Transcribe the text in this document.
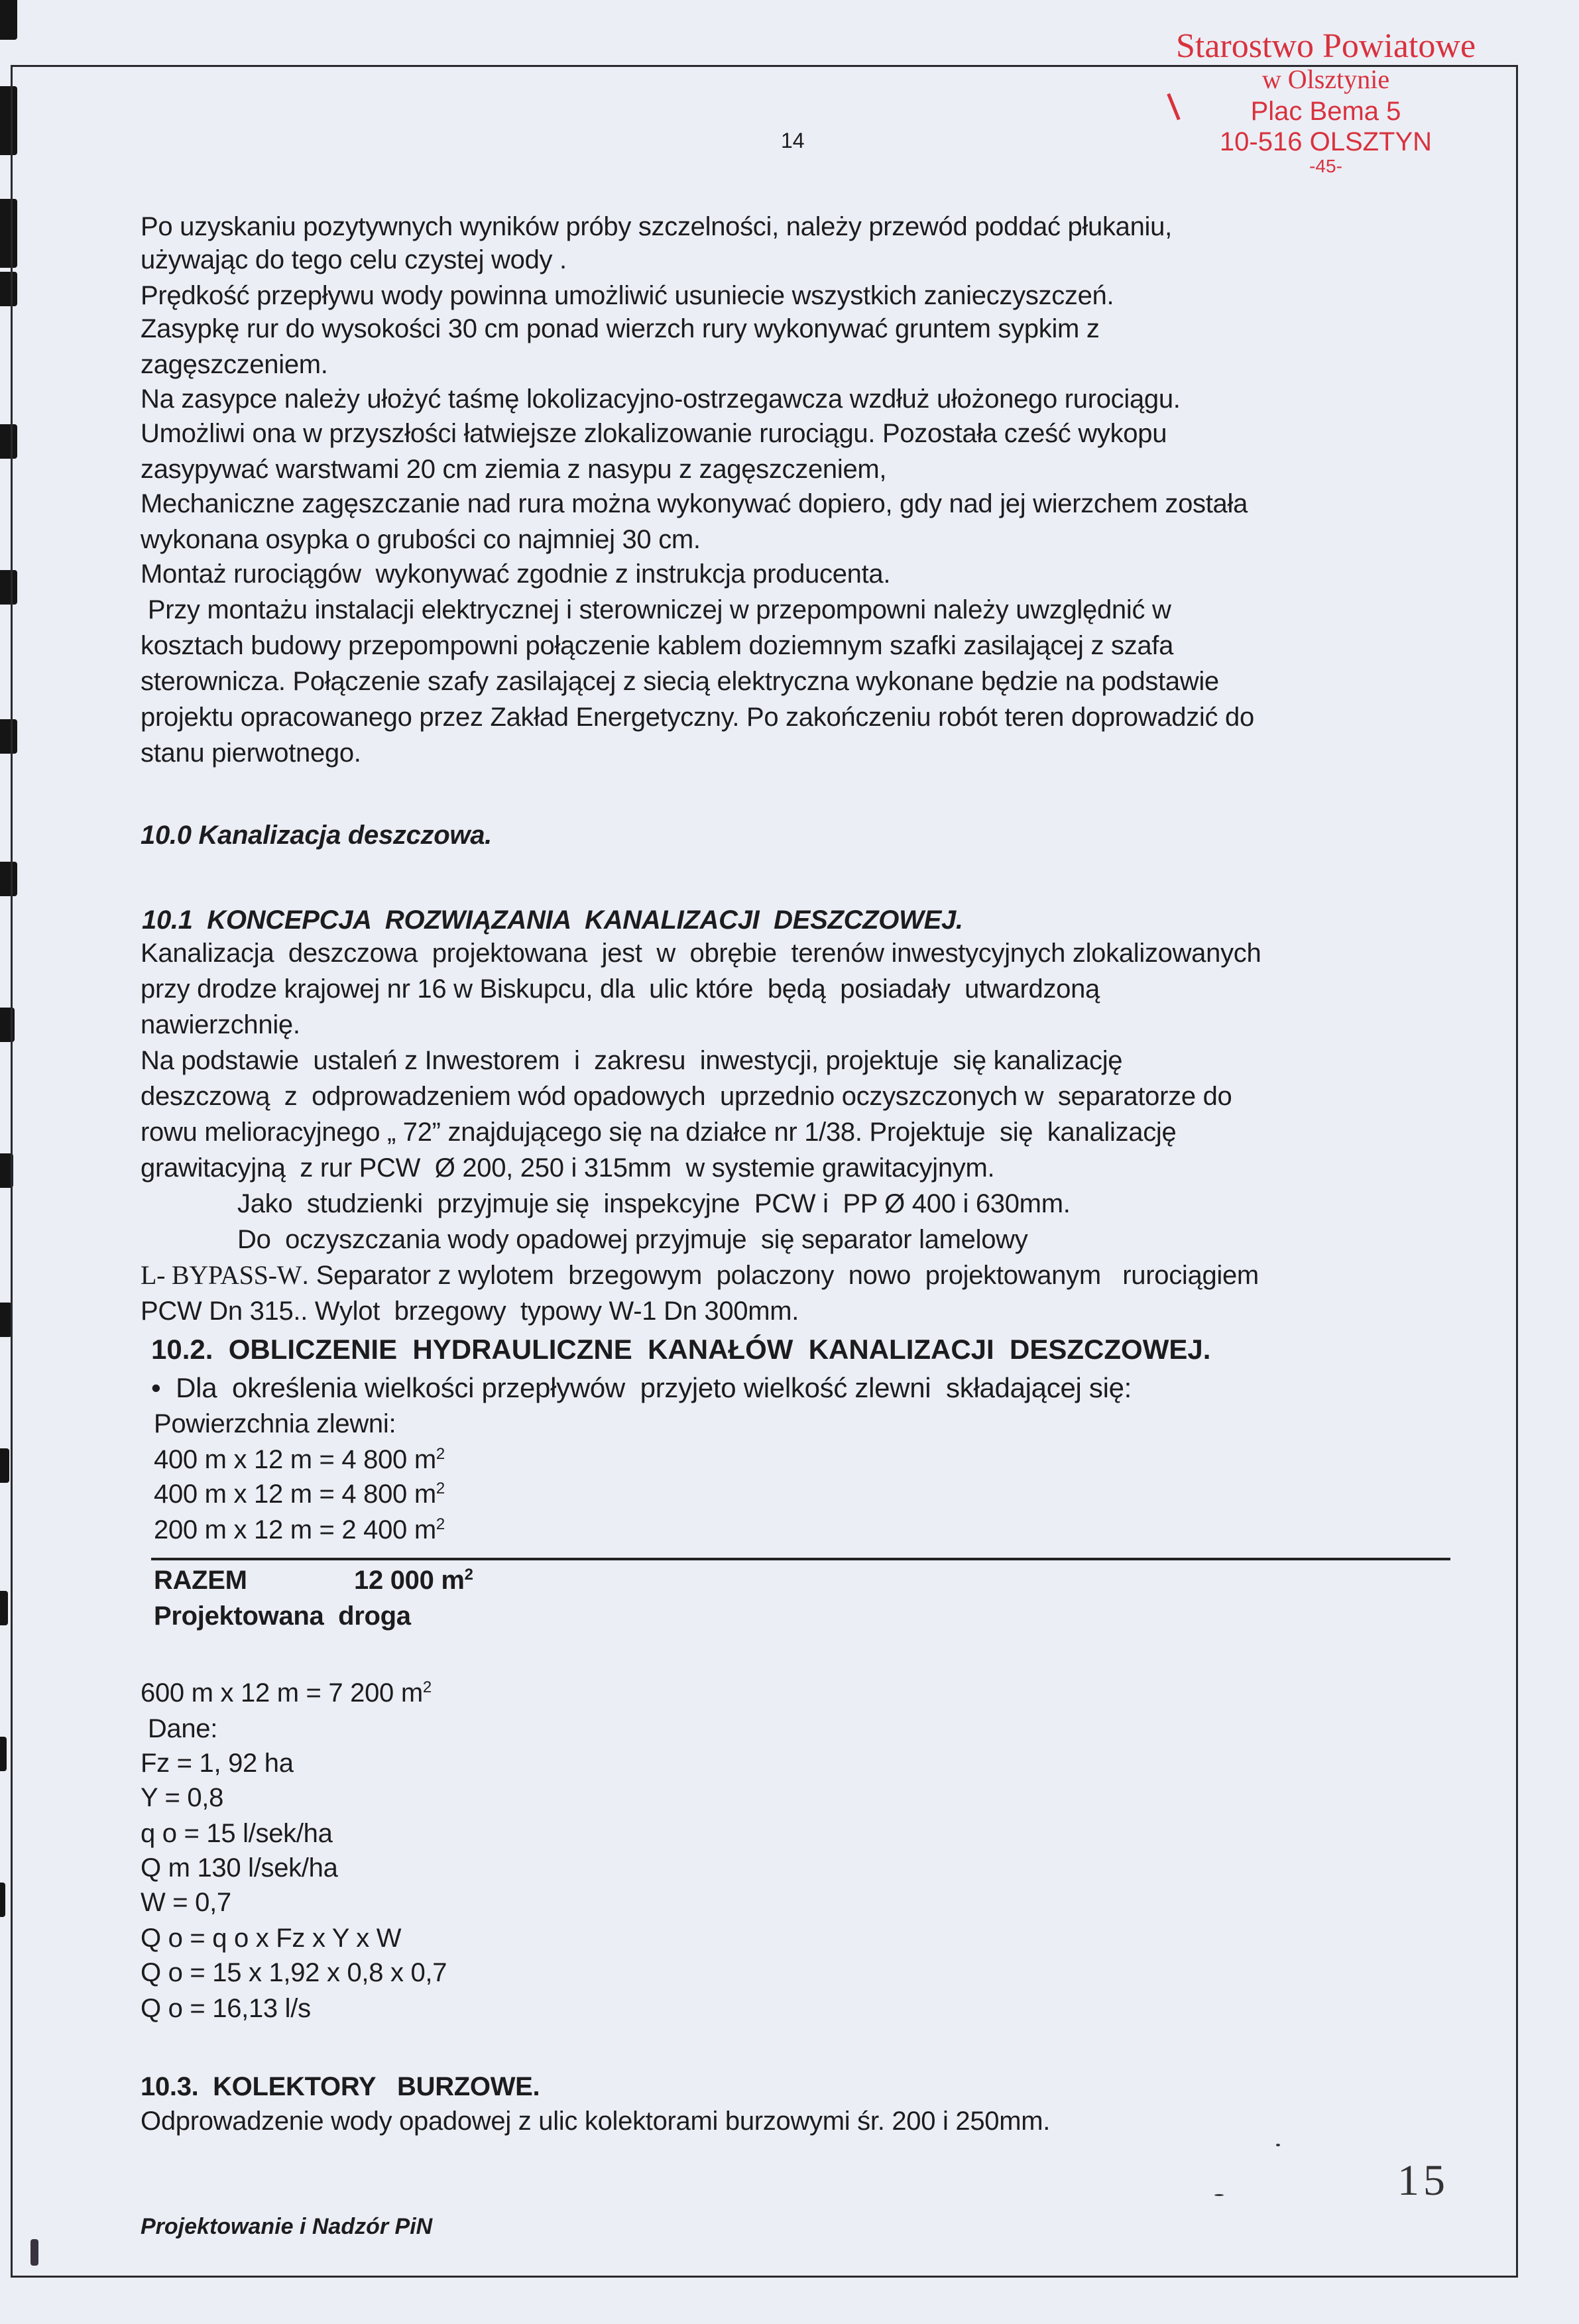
Starostwo Powiatowe
w Olsztynie
Plac Bema 5
10-516 OLSZTYN
-45-
14
Po uzyskaniu pozytywnych wyników próby szczelności, należy przewód poddać płukaniu,
używając do tego celu czystej wody .
Prędkość przepływu wody powinna umożliwić usuniecie wszystkich zanieczyszczeń.
Zasypkę rur do wysokości 30 cm ponad wierzch rury wykonywać gruntem sypkim z
zagęszczeniem.
Na zasypce należy ułożyć taśmę lokolizacyjno-ostrzegawcza wzdłuż ułożonego rurociągu.
Umożliwi ona w przyszłości łatwiejsze zlokalizowanie rurociągu. Pozostała cześć wykopu
zasypywać warstwami 20 cm ziemia z nasypu z zagęszczeniem,
Mechaniczne zagęszczanie nad rura można wykonywać dopiero, gdy nad jej wierzchem została
wykonana osypka o grubości co najmniej 30 cm.
Montaż rurociągów  wykonywać zgodnie z instrukcja producenta.
Przy montażu instalacji elektrycznej i sterowniczej w przepompowni należy uwzględnić w
kosztach budowy przepompowni połączenie kablem doziemnym szafki zasilającej z szafa
sterownicza. Połączenie szafy zasilającej z siecią elektryczna wykonane będzie na podstawie
projektu opracowanego przez Zakład Energetyczny. Po zakończeniu robót teren doprowadzić do
stanu pierwotnego.
10.0 Kanalizacja deszczowa.
10.1  KONCEPCJA  ROZWIĄZANIA  KANALIZACJI  DESZCZOWEJ.
Kanalizacja  deszczowa  projektowana  jest  w  obrębie  terenów inwestycyjnych zlokalizowanych
przy drodze krajowej nr 16 w Biskupcu, dla  ulic które  będą  posiadały  utwardzoną
nawierzchnię.
Na podstawie  ustaleń z Inwestorem  i  zakresu  inwestycji, projektuje  się kanalizację
deszczową  z  odprowadzeniem wód opadowych  uprzednio oczyszczonych w  separatorze do
rowu melioracyjnego „ 72” znajdującego się na działce nr 1/38. Projektuje  się  kanalizację
grawitacyjną  z rur PCW  Ø 200, 250 i 315mm  w systemie grawitacyjnym.
Jako  studzienki  przyjmuje się  inspekcyjne  PCW i  PP Ø 400 i 630mm.
Do  oczyszczania wody opadowej przyjmuje  się separator lamelowy
L- BYPASS-W. Separator z wylotem  brzegowym  polaczony  nowo  projektowanym   rurociągiem
PCW Dn 315.. Wylot  brzegowy  typowy W-1 Dn 300mm.
10.2.  OBLICZENIE  HYDRAULICZNE  KANAŁÓW  KANALIZACJI  DESZCZOWEJ.
• Dla  określenia wielkości przepływów  przyjeto wielkość zlewni  składającej się:
Powierzchnia zlewni:
400 m x 12 m = 4 800 $m^2$
400 m x 12 m = 4 800 $m^2$
200 m x 12 m = 2 400 $m^2$
RAZEM	12 000 $m^2$
Projektowana  droga
600 m x 12 m = 7 200 $m^2$
Dane:
Fz = 1, 92 ha
Y = 0,8
q o = 15 l/sek/ha
Q m 130 l/sek/ha
W = 0,7
Q o = q o x Fz x Y x W
Q o = 15 x 1,92 x 0,8 x 0,7
Q o = 16,13 l/s
10.3.  KOLEKTORY   BURZOWE.
Odprowadzenie wody opadowej z ulic kolektorami burzowymi śr. 200 i 250mm.
15
Projektowanie i Nadzór PiN
